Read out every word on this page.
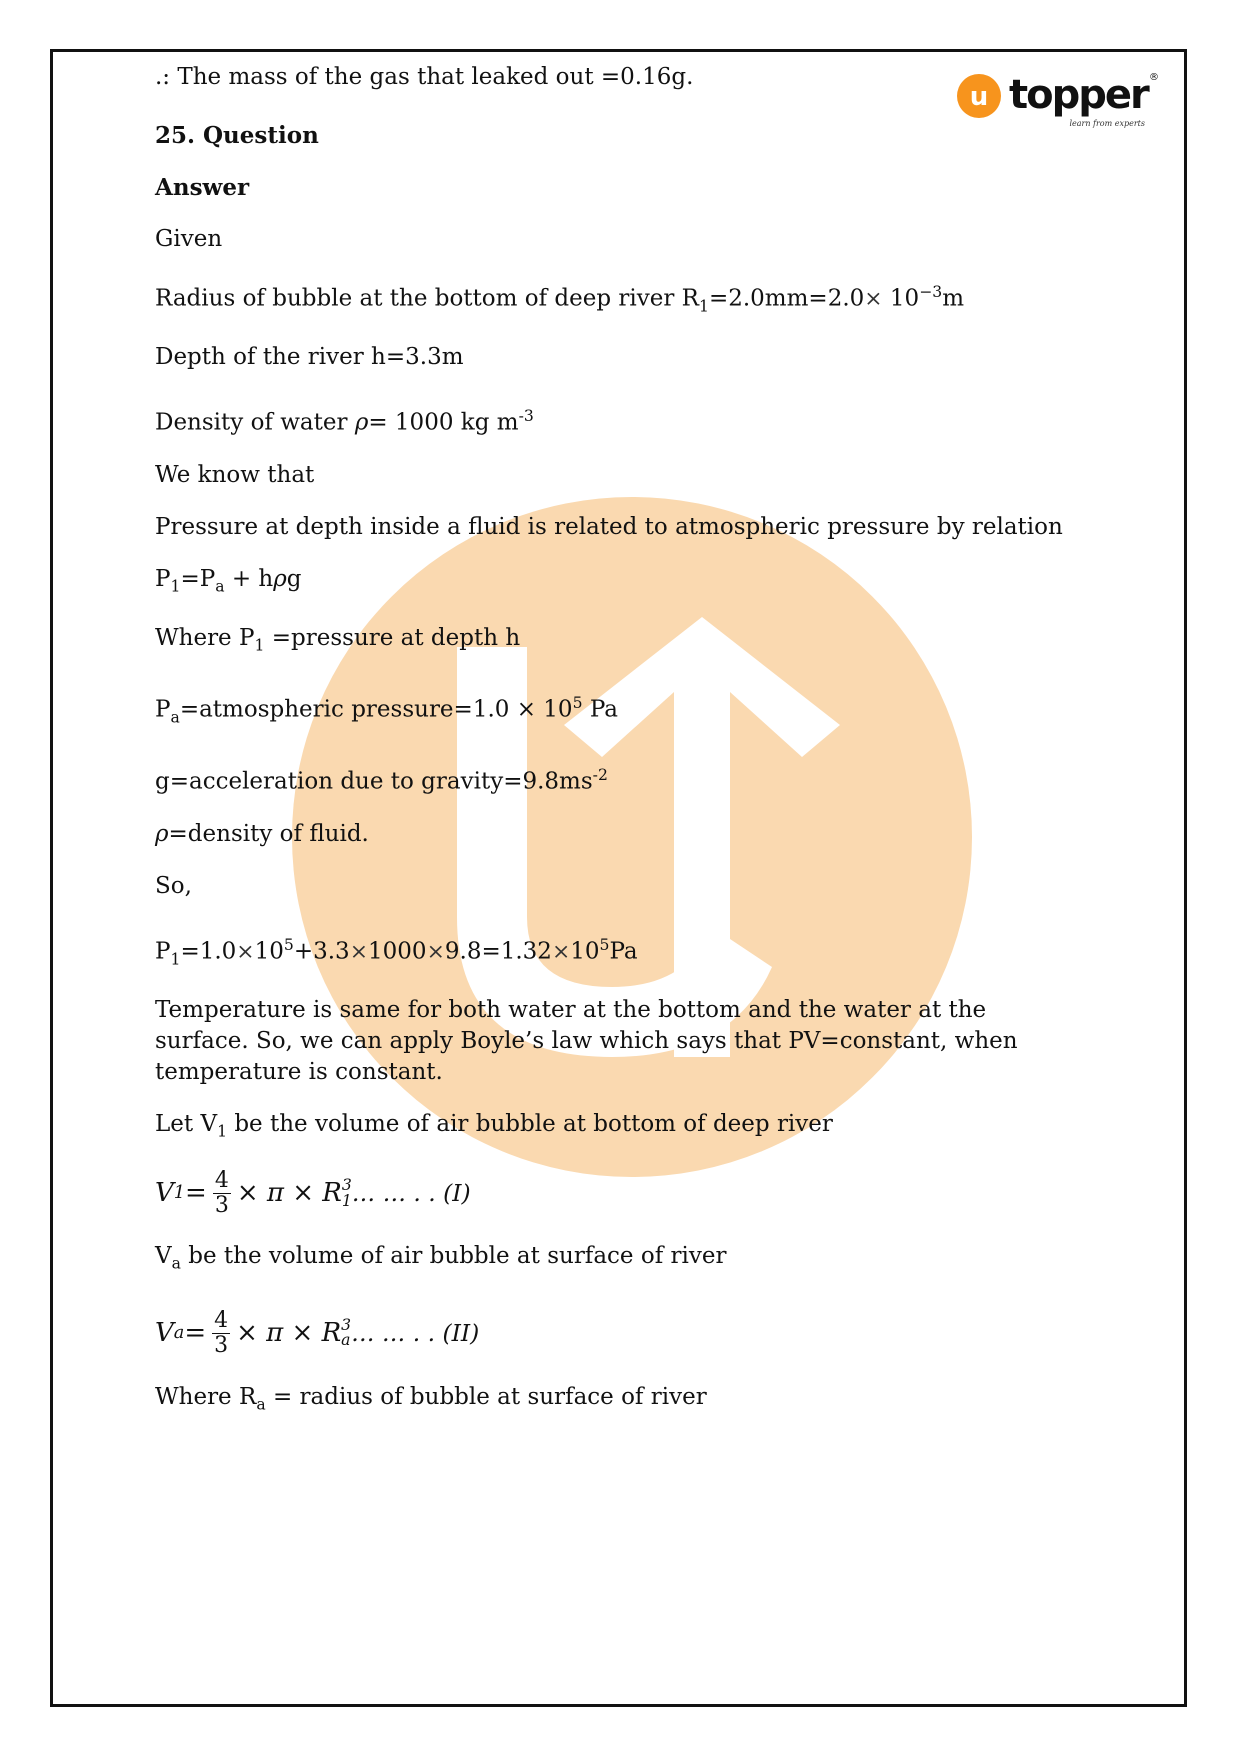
u topper
learn from experts
®

.: The mass of the gas that leaked out =0.16g.

25. Question

Answer

Given

Radius of bubble at the bottom of deep river $R_1=2.0mm=2.0\times 10^{-3}m$

Depth of the river h=3.3m

Density of water ρ= 1000 kg $m^{-3}$

We know that

Pressure at depth inside a fluid is related to atmospheric pressure by relation

$P_1=P_a + h\rho g$

Where $P_1$ =pressure at depth h

$P_a=atmospheric$ pressure=1.0 × $10^5$ Pa

g=acceleration due to $gravity=9.8ms^{-2}$

ρ=density of fluid.

So,

$P_1=1.0\times 10^5+3.3\times 1000\times 9.8=1.32\times 10^5Pa$

Temperature is same for both water at the bottom and the water at the surface. So, we can apply Boyle’s law which says that PV=constant, when temperature is constant.

Let $V_1$ be the volume of air bubble at bottom of deep river

V $1 = \frac{4}{3} \times \pi \times R$ 3
1 … … . . (I)

$V_a$ be the volume of air bubble at surface of river

V $a = \frac{4}{3} \times \pi \times R$ 3
a … … . . (II)

Where $R_a$ = radius of bubble at surface of river
